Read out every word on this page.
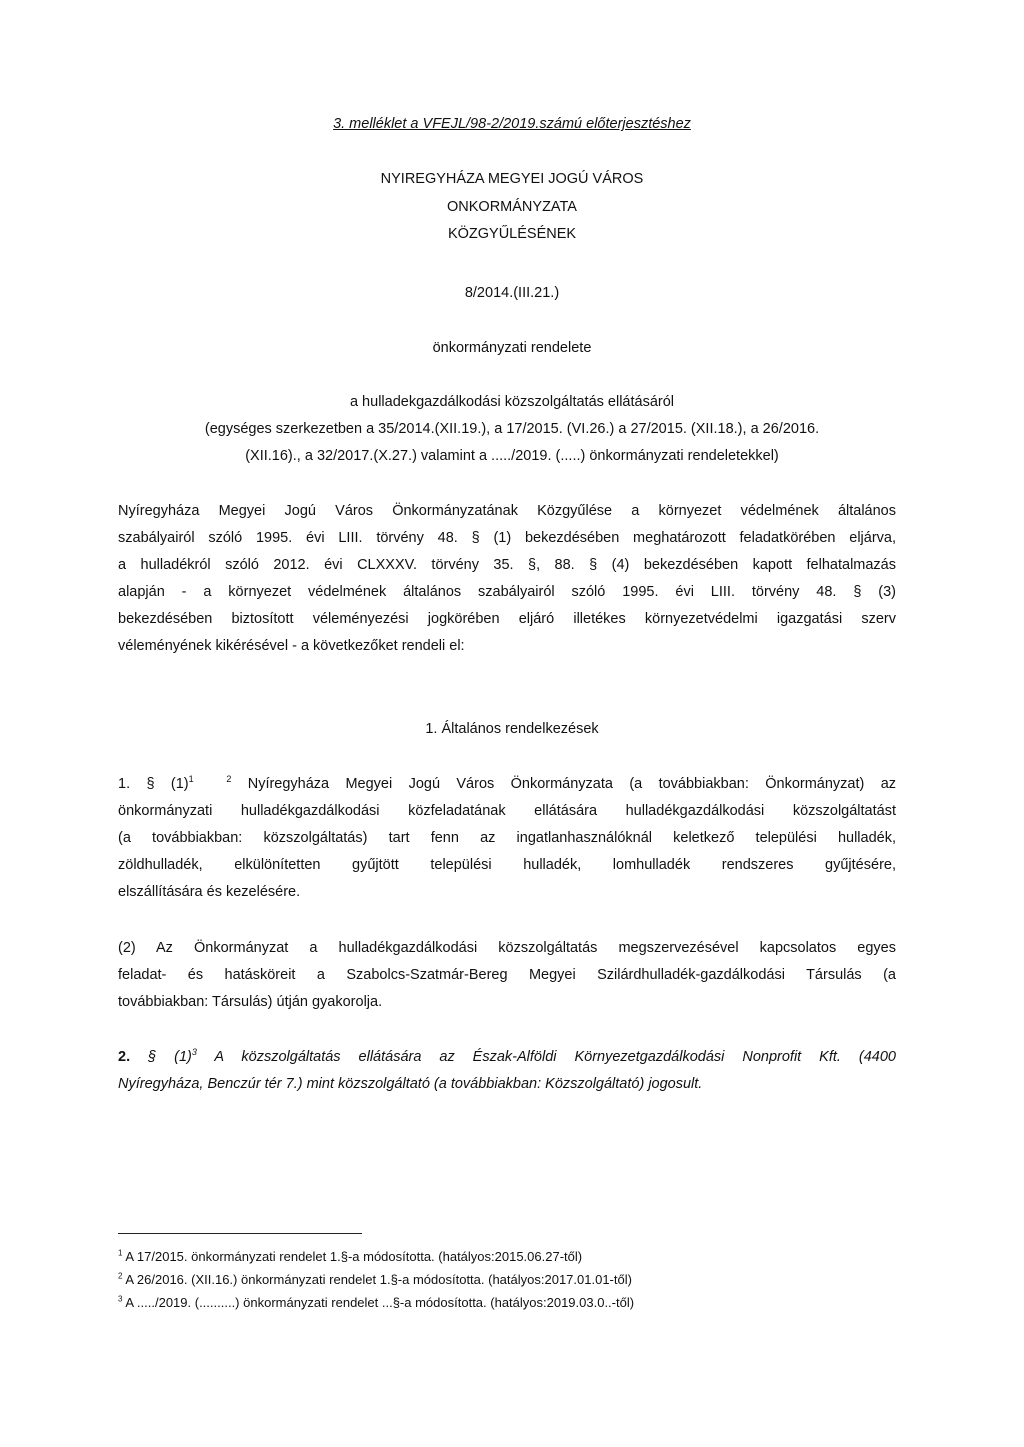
3. melléklet a VFEJL/98-2/2019.számú előterjesztéshez
NYIREGYHÁZA MEGYEI JOGÚ VÁROS
ONKORMÁNYZATA
KÖZGYŰLÉSÉNEK
8/2014.(III.21.)
önkormányzati rendelete
a hulladekgazdálkodási közszolgáltatás ellátásáról
(egységes szerkezetben a 35/2014.(XII.19.), a 17/2015. (VI.26.) a 27/2015. (XII.18.), a 26/2016.
(XII.16)., a 32/2017.(X.27.) valamint a ...../2019. (.....) önkormányzati rendeletekkel)
Nyíregyháza Megyei Jogú Város Önkormányzatának Közgyűlése a környezet védelmének általános
szabályairól szóló 1995. évi LIII. törvény 48. § (1) bekezdésében meghatározott feladatkörében eljárva,
a hulladékról szóló 2012. évi CLXXXV. törvény 35. §, 88. § (4) bekezdésében kapott felhatalmazás
alapján - a környezet védelmének általános szabályairól szóló 1995. évi LIII. törvény 48. § (3)
bekezdésében biztosított véleményezési jogkörében eljáró illetékes környezetvédelmi igazgatási szerv
véleményének kikérésével - a következőket rendeli el:
1. Általános rendelkezések
1. § $(1)^1$	$^2$ Nyíregyháza Megyei Jogú Város Önkormányzata (a továbbiakban: Önkormányzat) az
önkormányzati hulladékgazdálkodási közfeladatának ellátására hulladékgazdálkodási közszolgáltatást
(a továbbiakban: közszolgáltatás) tart fenn az ingatlanhasználóknál keletkező települési hulladék,
zöldhulladék, elkülönítetten gyűjtött települési hulladék, lomhulladék rendszeres gyűjtésére,
elszállítására és kezelésére.
(2) Az Önkormányzat a hulladékgazdálkodási közszolgáltatás megszervezésével kapcsolatos egyes
feladat- és hatásköreit a Szabolcs-Szatmár-Bereg Megyei Szilárdhulladék-gazdálkodási Társulás (a
továbbiakban: Társulás) útján gyakorolja.
2. § $(1)^3$ A közszolgáltatás ellátására az Észak-Alföldi Környezetgazdálkodási Nonprofit Kft. (4400
Nyíregyháza, Benczúr tér 7.) mint közszolgáltató (a továbbiakban: Közszolgáltató) jogosult.
$^1$ A 17/2015. önkormányzati rendelet 1.§-a módosította. (hatályos:2015.06.27-től)
$^2$ A 26/2016. (XII.16.) önkormányzati rendelet 1.§-a módosította. (hatályos:2017.01.01-től)
$^3$ A ...../2019. (..........) önkormányzati rendelet ...§-a módosította. (hatályos:2019.03.0..-től)
